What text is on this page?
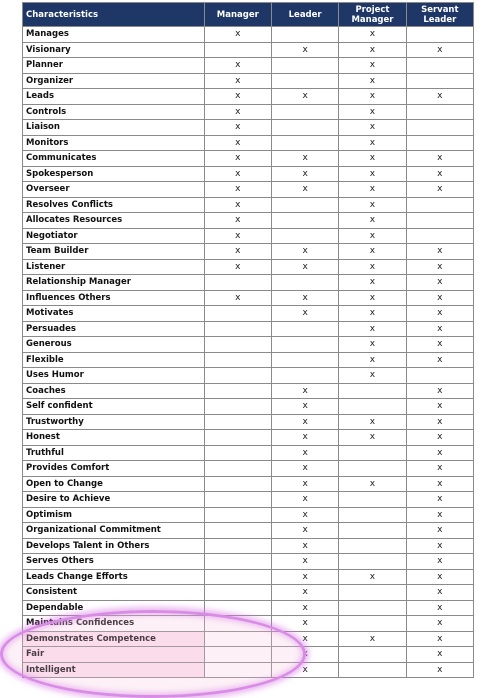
Characteristics	Manager	Leader	Project Manager	Servant Leader
Manages	x		x	
Visionary		x	x	x
Planner	x		x	
Organizer	x		x	
Leads	x	x	x	x
Controls	x		x	
Liaison	x		x	
Monitors	x		x	
Communicates	x	x	x	x
Spokesperson	x	x	x	x
Overseer	x	x	x	x
Resolves Conflicts	x		x	
Allocates Resources	x		x	
Negotiator	x		x	
Team Builder	x	x	x	x
Listener	x	x	x	x
Relationship Manager			x	x
Influences Others	x	x	x	x
Motivates		x	x	x
Persuades			x	x
Generous			x	x
Flexible			x	x
Uses Humor			x	
Coaches		x		x
Self confident		x		x
Trustworthy		x	x	x
Honest		x	x	x
Truthful		x		x
Provides Comfort		x		x
Open to Change		x	x	x
Desire to Achieve		x		x
Optimism		x		x
Organizational Commitment		x		x
Develops Talent in Others		x		x
Serves Others		x		x
Leads Change Efforts		x	x	x
Consistent		x		x
Dependable		x		x
Maintains Confidences		x		x
Demonstrates Competence		x	x	x
Fair		x		x
Intelligent		x		x
